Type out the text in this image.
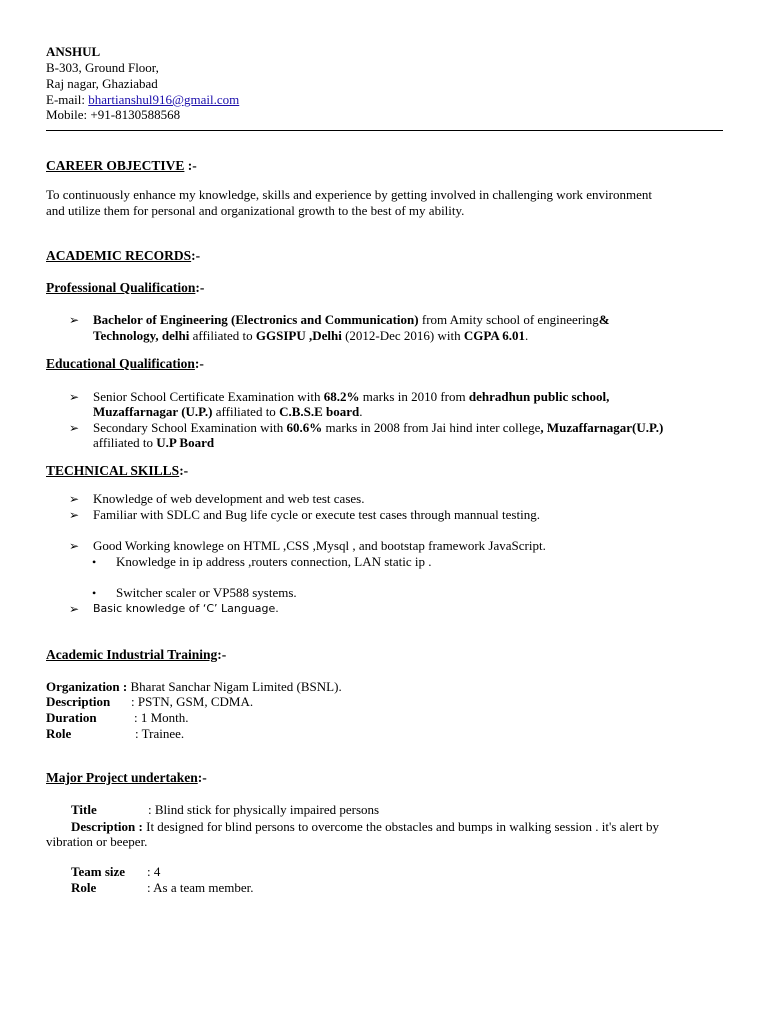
ANSHUL
B-303, Ground Floor,
Raj nagar, Ghaziabad
E-mail: bhartianshul916@gmail.com
Mobile: +91-8130588568
CAREER OBJECTIVE :-
To continuously enhance my knowledge, skills and experience by getting involved in challenging work environment
and utilize them for personal and organizational growth to the best of my ability.
ACADEMIC RECORDS:-
Professional Qualification:-
➢ Bachelor of Engineering (Electronics and Communication) from Amity school of engineering&
Technology, delhi affiliated to GGSIPU ,Delhi (2012-Dec 2016) with CGPA 6.01.
Educational Qualification:-
➢ Senior School Certificate Examination with 68.2% marks in 2010 from dehradhun public school,
Muzaffarnagar (U.P.) affiliated to C.B.S.E board.
➢ Secondary School Examination with 60.6% marks in 2008 from Jai hind inter college, Muzaffarnagar(U.P.)
affiliated to U.P Board
TECHNICAL SKILLS:-
➢ Knowledge of web development and web test cases.
➢ Familiar with SDLC and Bug life cycle or execute test cases through mannual testing.
➢ Good Working knowlege on HTML ,CSS ,Mysql , and bootstap framework JavaScript.
• Knowledge in ip address ,routers connection, LAN static ip .
• Switcher scaler or VP588 systems.
➢ Basic knowledge of ‘C’ Language.
Academic Industrial Training:-
Organization : Bharat Sanchar Nigam Limited (BSNL).
Description : PSTN, GSM, CDMA.
Duration	: 1 Month.
Role	: Trainee.
Major Project undertaken:-
Title	: Blind stick for physically impaired persons
Description : It designed for blind persons to overcome the obstacles and bumps in walking session . it's alert by
vibration or beeper.
Team size : 4
Role	: As a team member.
